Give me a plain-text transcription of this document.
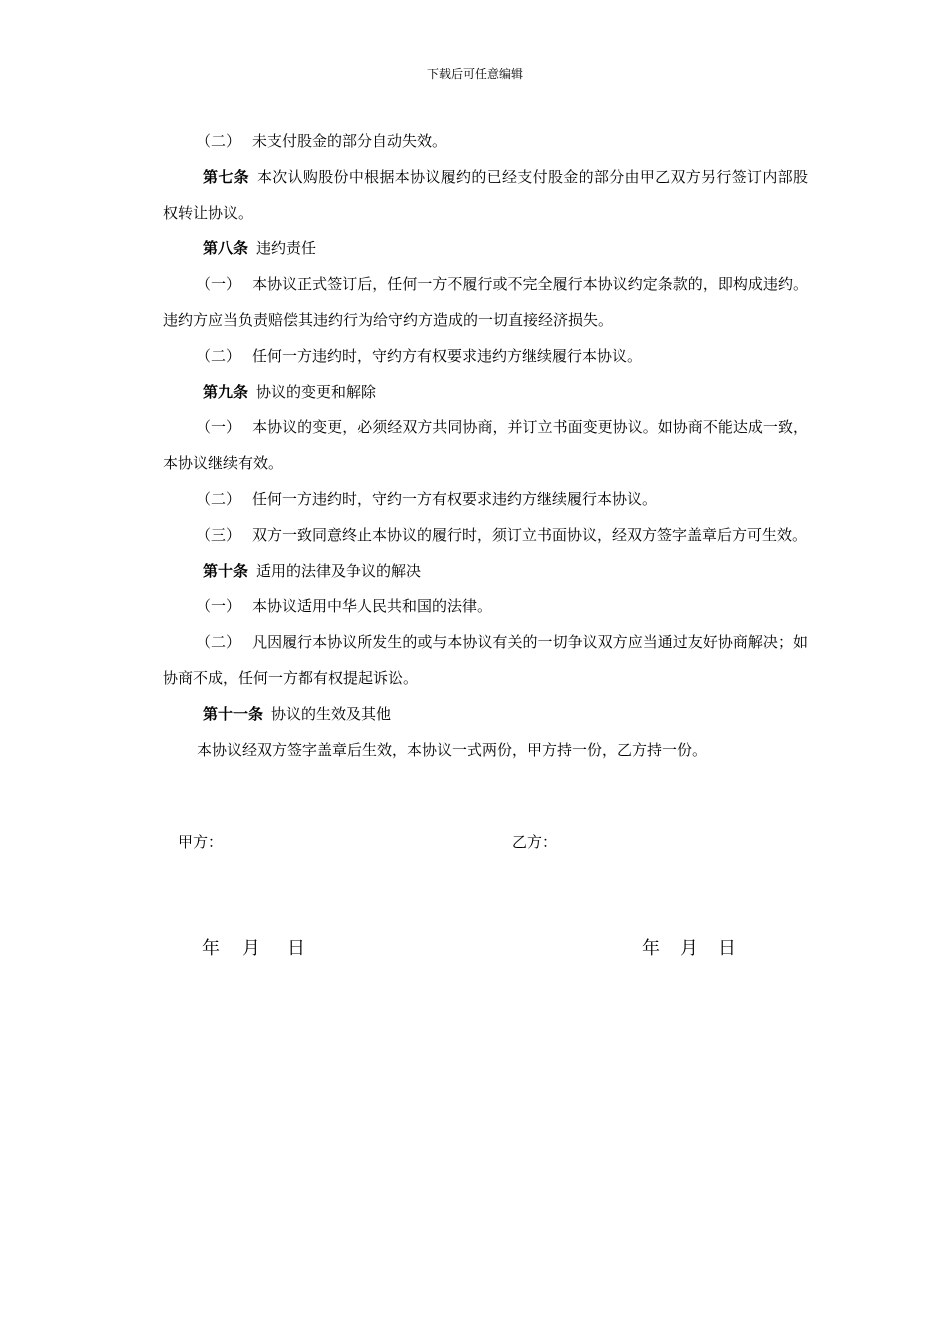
下载后可任意编辑

（二） 未支付股金的部分自动失效。

第七条 本次认购股份中根据本协议履约的已经支付股金的部分由甲乙双方另行签订内部股权转让协议。

第八条 违约责任

（一） 本协议正式签订后，任何一方不履行或不完全履行本协议约定条款的，即构成违约。违约方应当负责赔偿其违约行为给守约方造成的一切直接经济损失。

（二） 任何一方违约时，守约方有权要求违约方继续履行本协议。

第九条 协议的变更和解除

（一） 本协议的变更，必须经双方共同协商，并订立书面变更协议。如协商不能达成一致，本协议继续有效。

（二） 任何一方违约时，守约一方有权要求违约方继续履行本协议。

（三） 双方一致同意终止本协议的履行时，须订立书面协议，经双方签字盖章后方可生效。

第十条 适用的法律及争议的解决

（一） 本协议适用中华人民共和国的法律。

（二） 凡因履行本协议所发生的或与本协议有关的一切争议双方应当通过友好协商解决；如协商不成，任何一方都有权提起诉讼。

第十一条 协议的生效及其他

本协议经双方签字盖章后生效，本协议一式两份，甲方持一份，乙方持一份。

甲方：	乙方：
年 月 日	年 月 日
